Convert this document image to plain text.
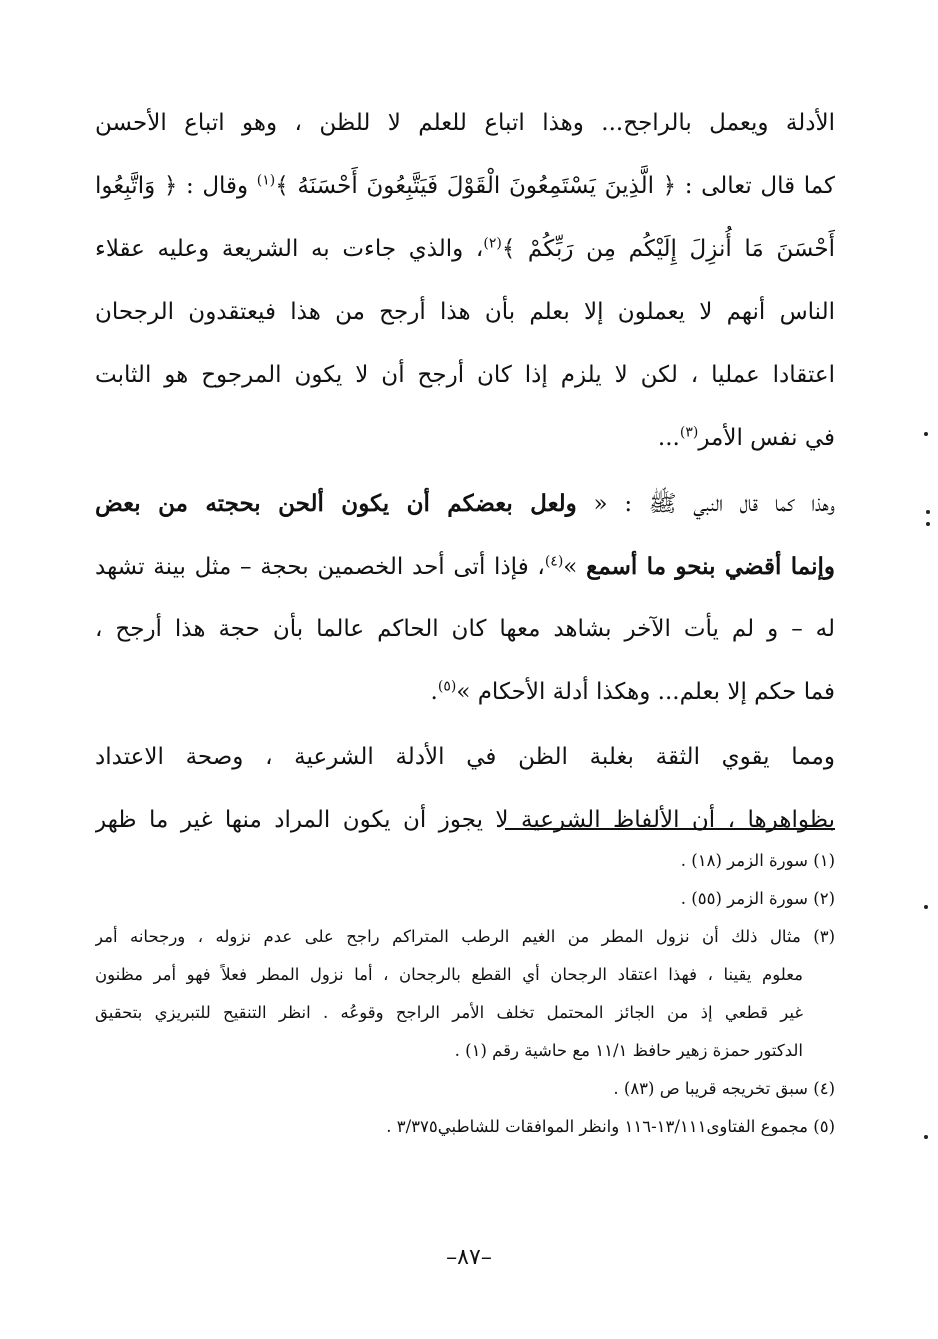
الأدلة ويعمل بالراجح... وهذا اتباع للعلم لا للظن ، وهو اتباع الأحسن
كما قال تعالى : ﴿ الَّذِينَ يَسْتَمِعُونَ الْقَوْلَ فَيَتَّبِعُونَ أَحْسَنَهُ ﴾$^{(١)}$ وقال : ﴿ وَاتَّبِعُوا
أَحْسَنَ مَا أُنزِلَ إِلَيْكُم مِن رَبِّكُمْ ﴾$^{(٢)}$، والذي جاءت به الشريعة وعليه عقلاء
الناس أنهم لا يعملون إلا بعلم بأن هذا أرجح من هذا فيعتقدون الرجحان
اعتقادا عمليا ، لكن لا يلزم إذا كان أرجح أن لا يكون المرجوح هو الثابت
في نفس الأمر$^{(٣)}$...
وهذا كما قال النبي ﷺ : « ولعل بعضكم أن يكون ألحن بحجته من بعض
وإنما أقضي بنحو ما أسمع »$^{(٤)}$، فإذا أتى أحد الخصمين بحجة – مثل بينة تشهد
له – و لم يأت الآخر بشاهد معها كان الحاكم عالما بأن حجة هذا أرجح ،
فما حكم إلا بعلم... وهكذا أدلة الأحكام »$^{(٥)}$.
ومما يقوي الثقة بغلبة الظن في الأدلة الشرعية ، وصحة الاعتداد
بظواهرها ، أن الألفاظ الشرعية لا يجوز أن يكون المراد منها غير ما ظهر
(١) سورة الزمر (١٨) .
(٢) سورة الزمر (٥٥) .
(٣) مثال ذلك أن نزول المطر من الغيم الرطب المتراكم راجح على عدم نزوله ، ورجحانه أمر
معلوم يقينا ، فهذا اعتقاد الرجحان أي القطع بالرجحان ، أما نزول المطر فعلاً فهو أمر مظنون
غير قطعي إذ من الجائز المحتمل تخلف الأمر الراجح وقوعُه . انظر التنقيح للتبريزي بتحقيق
الدكتور حمزة زهير حافظ ١١/١ مع حاشية رقم (١) .
(٤) سبق تخريجه قريبا ص (٨٣) .
(٥) مجموع الفتاوى١٣/١١١-١١٦ وانظر الموافقات للشاطبي٣/٣٧٥ .
–٨٧–
